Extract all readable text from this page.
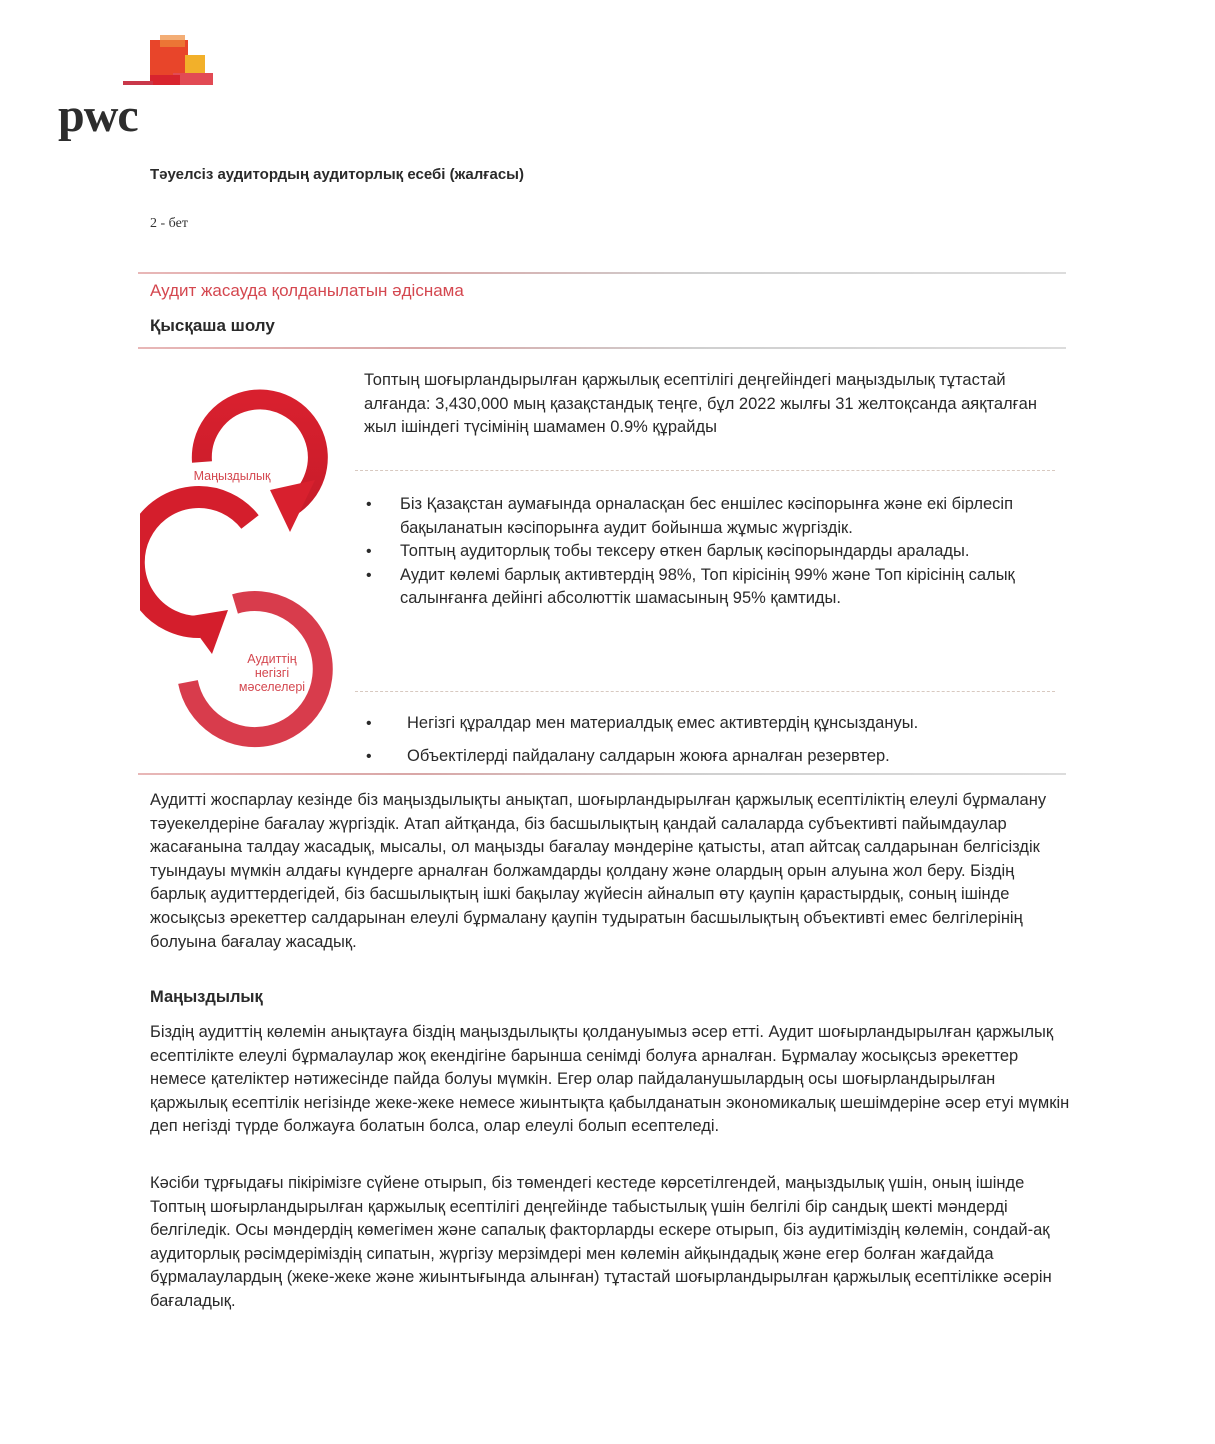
pwc
Тәуелсіз аудитордың аудиторлық есебі (жалғасы)
2 - бет
Аудит жасауда қолданылатын әдіснама
Қысқаша шолу
Маңыздылық
Топты
аудиттеу
көлемі
Аудиттің
негізгі
мәселелері
Топтың шоғырландырылған қаржылық есептілігі деңгейіндегі маңыздылық тұтастай алғанда: 3,430,000 мың қазақстандық теңге, бұл 2022 жылғы 31 желтоқсанда аяқталған жыл ішіндегі түсімінің шамамен 0.9% құрайды
• Біз Қазақстан аумағында орналасқан бес еншілес кәсіпорынға және екі бірлесіп бақыланатын кәсіпорынға аудит бойынша жұмыс жүргіздік.
• Топтың аудиторлық тобы тексеру өткен барлық кәсіпорындарды аралады.
• Аудит көлемі барлық активтердің 98%, Топ кірісінің 99% және Топ кірісінің салық салынғанға дейінгі абсолюттік шамасының 95% қамтиды.
• Негізгі құралдар мен материалдық емес активтердің құнсыздануы.
• Объектілерді пайдалану салдарын жоюға арналған резервтер.

Аудитті жоспарлау кезінде біз маңыздылықты анықтап, шоғырландырылған қаржылық есептіліктің елеулі бұрмалану тәуекелдеріне бағалау жүргіздік. Атап айтқанда, біз басшылықтың қандай салаларда субъективті пайымдаулар жасағанына талдау жасадық, мысалы, ол маңызды бағалау мәндеріне қатысты, атап айтсақ салдарынан белгісіздік туындауы мүмкін алдағы күндерге арналған болжамдарды қолдану және олардың орын алуына жол беру. Біздің барлық аудиттердегідей, біз басшылықтың ішкі бақылау жүйесін айналып өту қаупін қарастырдық, соның ішінде жосықсыз әрекеттер салдарынан елеулі бұрмалану қаупін тудыратын басшылықтың объективті емес белгілерінің болуына бағалау жасадық.

Маңыздылық

Біздің аудиттің көлемін анықтауға біздің маңыздылықты қолдануымыз әсер етті. Аудит шоғырландырылған қаржылық есептілікте елеулі бұрмалаулар жоқ екендігіне барынша сенімді болуға арналған. Бұрмалау жосықсыз әрекеттер немесе қателіктер нәтижесінде пайда болуы мүмкін. Егер олар пайдаланушылардың осы шоғырландырылған қаржылық есептілік негізінде жеке-жеке немесе жиынтықта қабылданатын экономикалық шешімдеріне әсер етуі мүмкін деп негізді түрде болжауға болатын болса, олар елеулі болып есептеледі.

Кәсіби тұрғыдағы пікірімізге сүйене отырып, біз төмендегі кестеде көрсетілгендей, маңыздылық үшін, оның ішінде Топтың шоғырландырылған қаржылық есептілігі деңгейінде табыстылық үшін белгілі бір сандық шекті мәндерді белгіледік. Осы мәндердің көмегімен және сапалық факторларды ескере отырып, біз аудитіміздің көлемін, сондай-ақ аудиторлық рәсімдеріміздің сипатын, жүргізу мерзімдері мен көлемін айқындадық және егер болған жағдайда бұрмалаулардың (жеке-жеке және жиынтығында алынған) тұтастай шоғырландырылған қаржылық есептілікке әсерін бағаладық.
